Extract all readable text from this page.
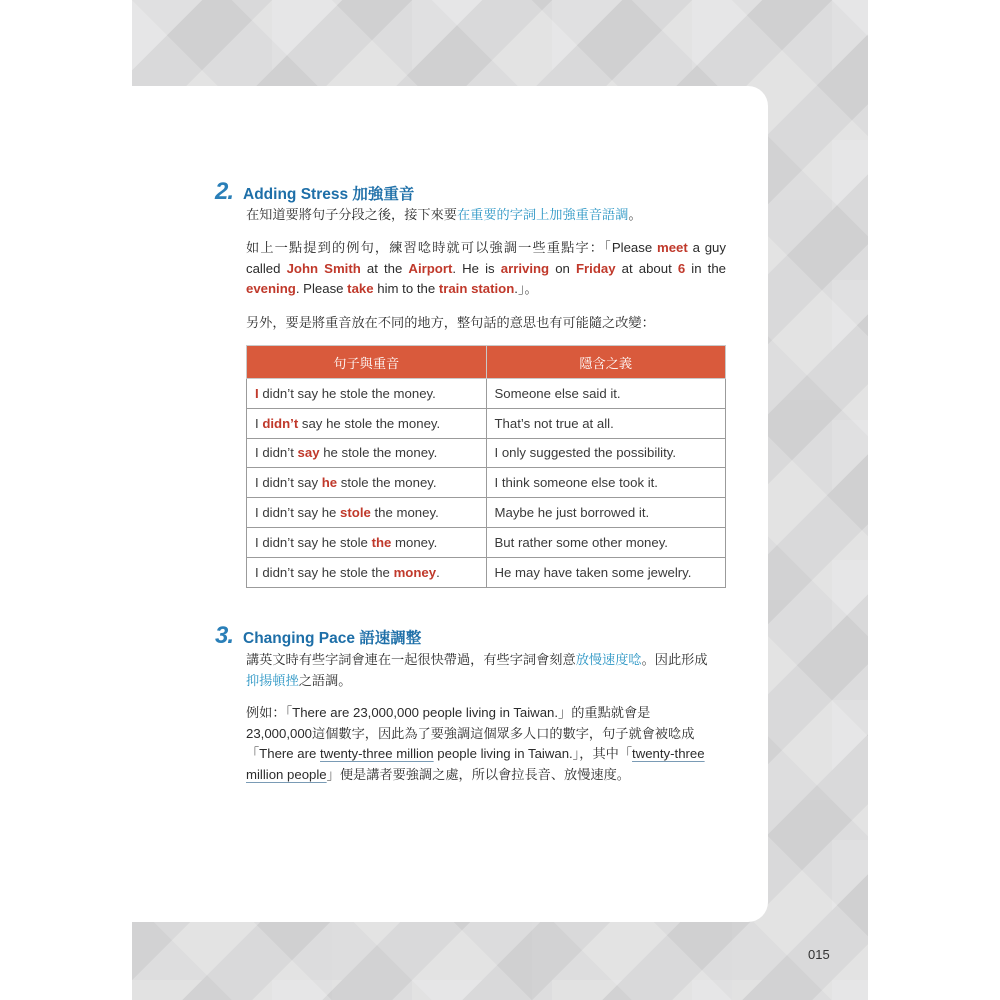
2. Adding Stress 加強重音
在知道要將句子分段之後，接下來要在重要的字詞上加強重音語調。
如上一點提到的例句，練習唸時就可以強調一些重點字：「Please meet a guy
called John Smith at the Airport. He is arriving on Friday at about 6 in the
evening. Please take him to the train station.」。
另外，要是將重音放在不同的地方，整句話的意思也有可能隨之改變：
句子與重音	隱含之義
I didn’t say he stole the money.	Someone else said it.
I didn’t say he stole the money.	That’s not true at all.
I didn’t say he stole the money.	I only suggested the possibility.
I didn’t say he stole the money.	I think someone else took it.
I didn’t say he stole the money.	Maybe he just borrowed it.
I didn’t say he stole the money.	But rather some other money.
I didn’t say he stole the money.	He may have taken some jewelry.
3. Changing Pace 語速調整
講英文時有些字詞會連在一起很快帶過，有些字詞會刻意放慢速度唸。因此形成
抑揚頓挫之語調。
例如：「There are 23,000,000 people living in Taiwan.」的重點就會是
23,000,000這個數字，因此為了要強調這個眾多人口的數字，句子就會被唸成
「There are twenty-three million people living in Taiwan.」，其中「twenty-three
million people」便是講者要強調之處，所以會拉長音、放慢速度。
015
